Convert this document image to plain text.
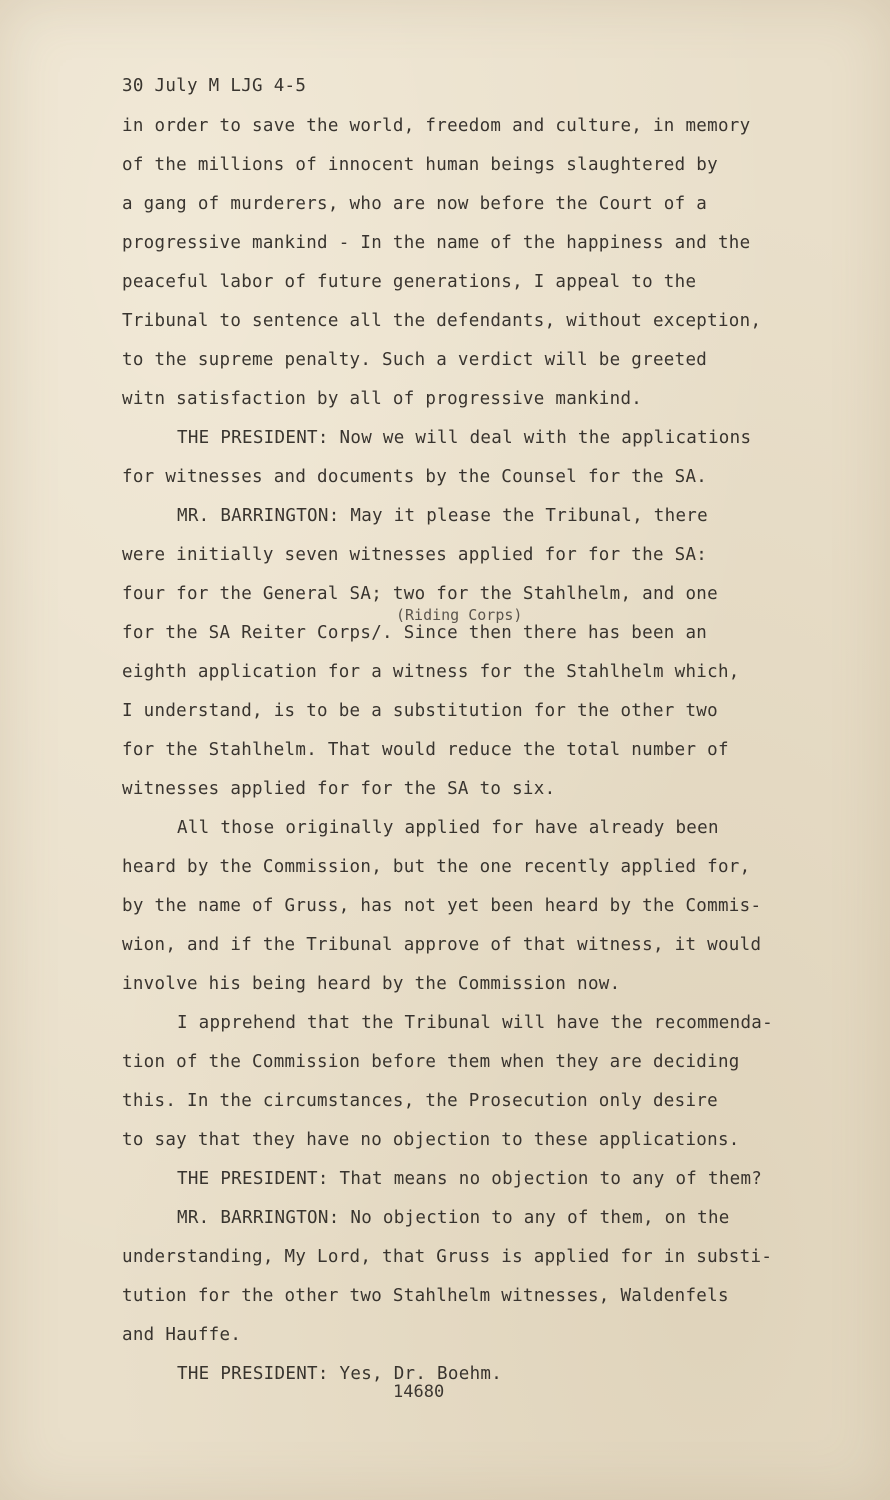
30 July M LJG 4-5
in order to save the world, freedom and culture, in memory
of the millions of innocent human beings slaughtered by
a gang of murderers, who are now before the Court of a
progressive mankind - In the name of the happiness and the
peaceful labor of future generations, I appeal to the
Tribunal to sentence all the defendants, without exception,
to the supreme penalty. Such a verdict will be greeted
witn satisfaction by all of progressive mankind.
THE PRESIDENT: Now we will deal with the applications
for witnesses and documents by the Counsel for the SA.
MR. BARRINGTON: May it please the Tribunal, there
were initially seven witnesses applied for for the SA:
four for the General SA; two for the Stahlhelm, and one
(Riding Corps)
for the SA Reiter Corps/. Since then there has been an
eighth application for a witness for the Stahlhelm which,
I understand, is to be a substitution for the other two
for the Stahlhelm. That would reduce the total number of
witnesses applied for for the SA to six.
All those originally applied for have already been
heard by the Commission, but the one recently applied for,
by the name of Gruss, has not yet been heard by the Commis-
wion, and if the Tribunal approve of that witness, it would
involve his being heard by the Commission now.
I apprehend that the Tribunal will have the recommenda-
tion of the Commission before them when they are deciding
this. In the circumstances, the Prosecution only desire
to say that they have no objection to these applications.
THE PRESIDENT: That means no objection to any of them?
MR. BARRINGTON: No objection to any of them, on the
understanding, My Lord, that Gruss is applied for in substi-
tution for the other two Stahlhelm witnesses, Waldenfels
and Hauffe.
THE PRESIDENT: Yes, Dr. Boehm.
14680
